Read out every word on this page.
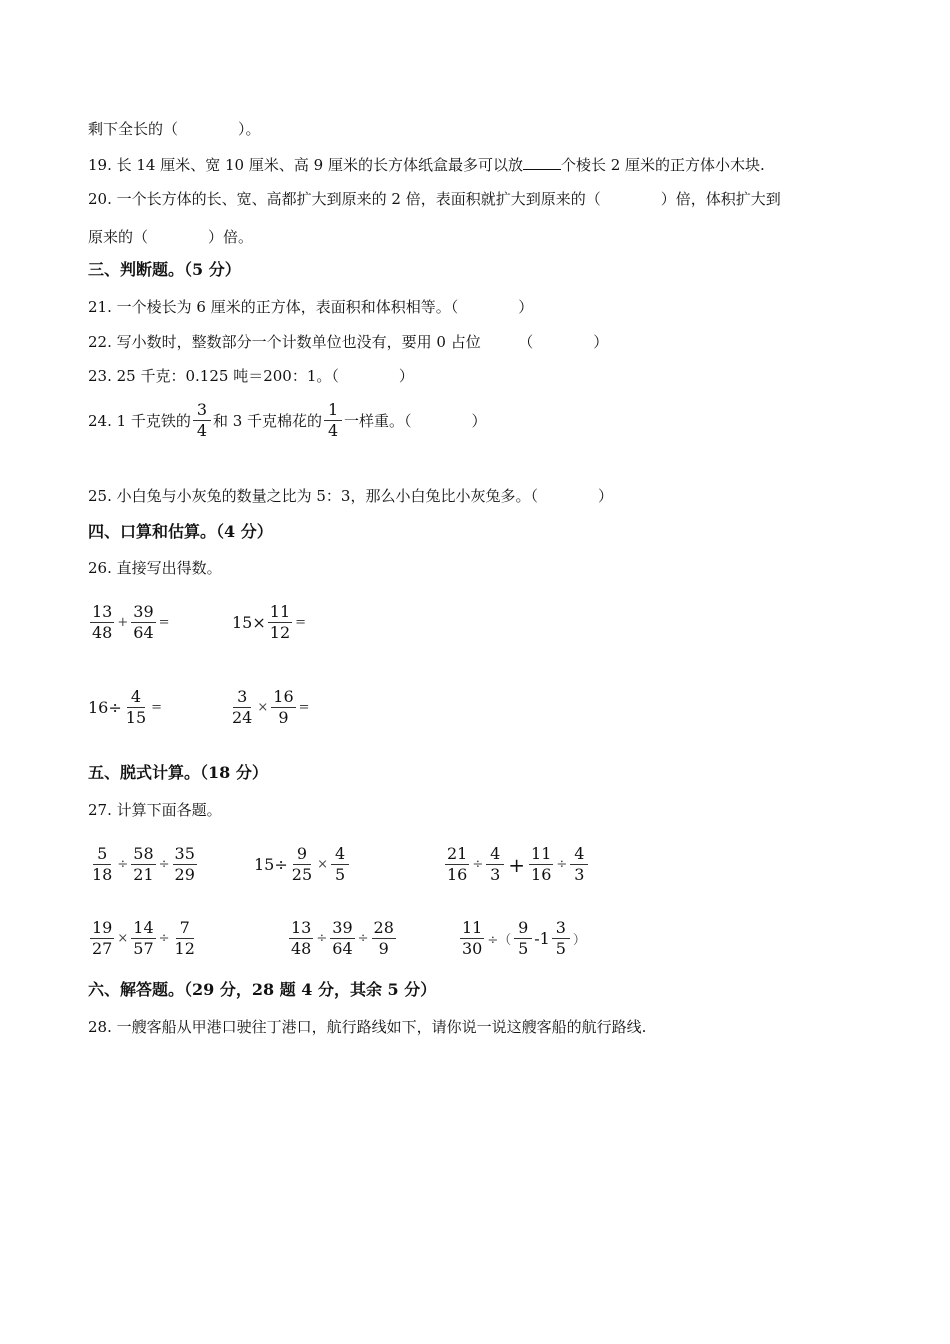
剩下全长的（　　　　）。
19. 长 14 厘米、宽 10 厘米、高 9 厘米的长方体纸盒最多可以放	个棱长 2 厘米的正方体小木块.
20. 一个长方体的长、宽、高都扩大到原来的 2 倍，表面积就扩大到原来的（　　　　）倍，体积扩大到
原来的（　　　　）倍。
三、判断题。（5 分）
21. 一个棱长为 6 厘米的正方体，表面积和体积相等。（　　　　）
22. 写小数时，整数部分一个计数单位也没有，要用 0 占位　　　（　　　　）
23. 25 千克：0.125 吨＝200：1。（　　　　）
24. 1 千克铁的 $\frac{3}{4}$ 和 3 千克棉花的 $\frac{1}{4}$ 一样重。（　　　　）
25. 小白兔与小灰兔的数量之比为 5：3，那么小白兔比小灰兔多。（　　　　）
四、口算和估算。（4 分）
26. 直接写出得数。
$\frac{13}{48} + \frac{39}{64}$ =	$15\times \frac{11}{12}$ =
$16\div \frac{4}{15}$ =	$\frac{3}{24} \times \frac{16}{9}$ =
五、脱式计算。（18 分）
27. 计算下面各题。
$\frac{5}{18} \div \frac{58}{21} \div \frac{35}{29}$	$15\div \frac{9}{25} \times \frac{4}{5}$	$\frac{21}{16} \div \frac{4}{3} + \frac{11}{16} \div \frac{4}{3}$
$\frac{19}{27} \times \frac{14}{57} \div \frac{7}{12}$	$\frac{13}{48} \div \frac{39}{64} \div \frac{28}{9}$	$\frac{11}{30}$ ÷（ $\frac{9}{5} -1 \frac{3}{5}$ ）
六、解答题。（29 分，28 题 4 分，其余 5 分）
28. 一艘客船从甲港口驶往丁港口，航行路线如下，请你说一说这艘客船的航行路线.
